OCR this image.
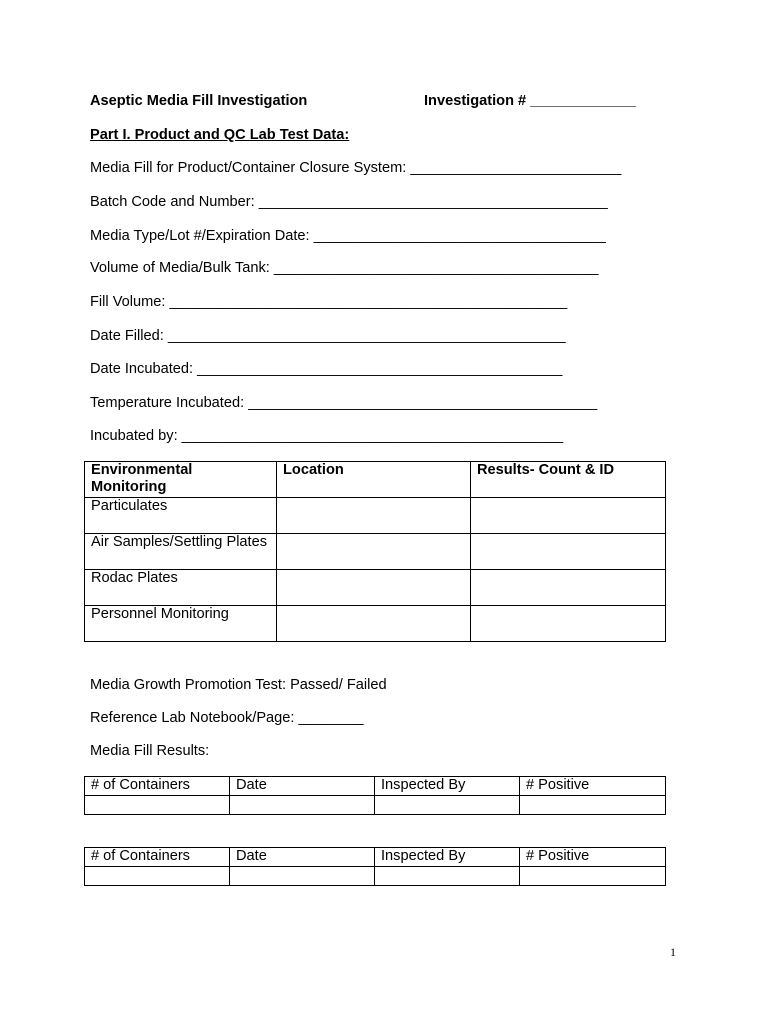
Aseptic Media Fill Investigation	Investigation # _____________
Part I. Product and QC Lab Test Data:
Media Fill for Product/Container Closure System: __________________________
Batch Code and Number: ___________________________________________
Media Type/Lot #/Expiration Date: ____________________________________
Volume of Media/Bulk Tank: ________________________________________
Fill Volume: _________________________________________________
Date Filled: _________________________________________________
Date Incubated: _____________________________________________
Temperature Incubated: ___________________________________________
Incubated by: _______________________________________________
Environmental Monitoring	Location	Results- Count & ID
Particulates		
Air Samples/Settling Plates		
Rodac Plates		
Personnel Monitoring		
Media Growth Promotion Test: Passed/ Failed
Reference Lab Notebook/Page: ________
Media Fill Results:
# of Containers	Date	Inspected By	# Positive

# of Containers	Date	Inspected By	# Positive

1
